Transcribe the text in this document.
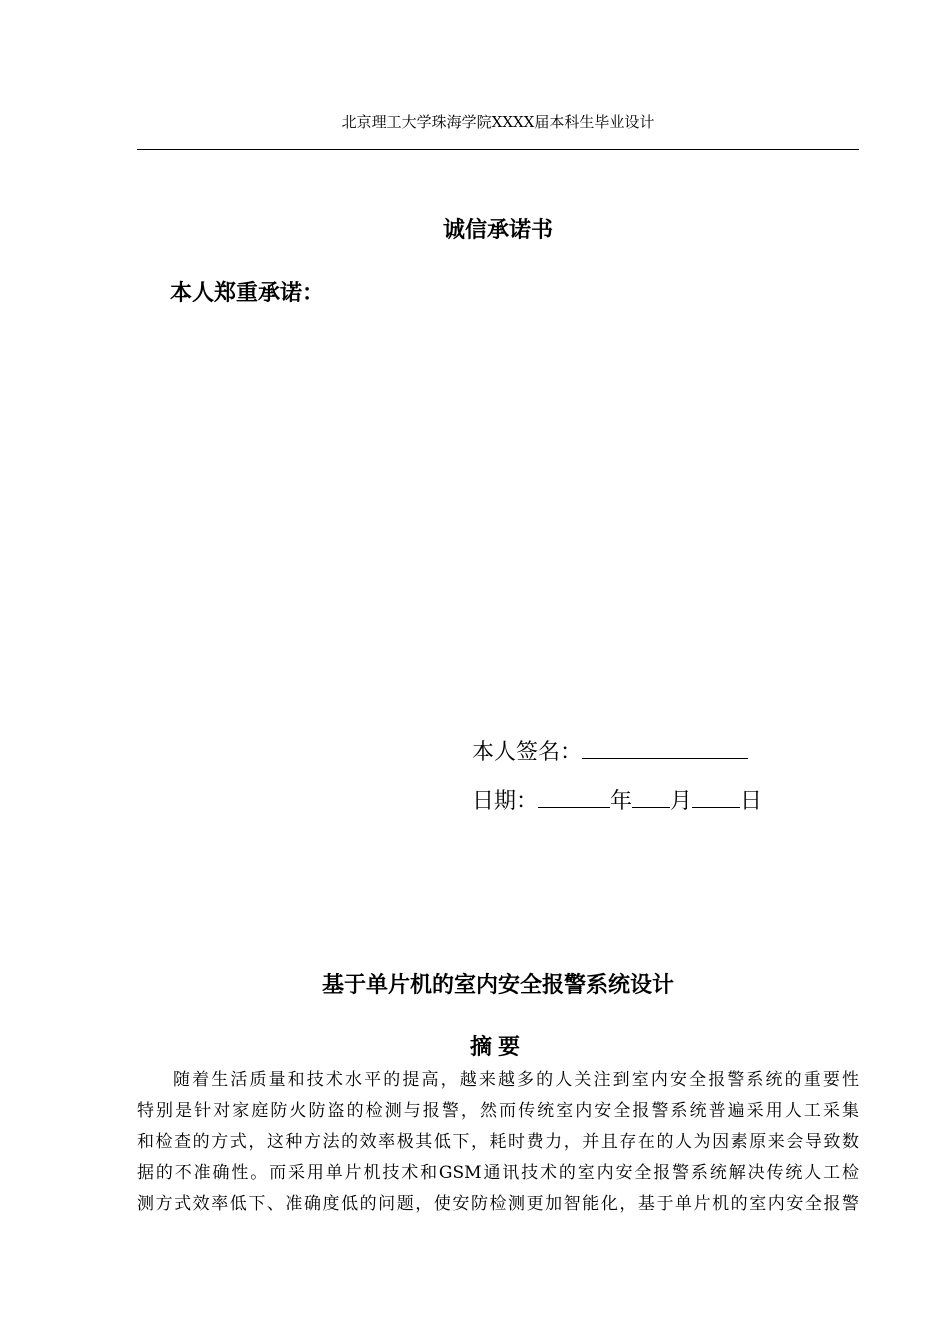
北京理工大学珠海学院XXXX届本科生毕业设计
诚信承诺书
本人郑重承诺：
本人签名：
日期：	年 月 日
基于单片机的室内安全报警系统设计
摘要
随着生活质量和技术水平的提高，越来越多的人关注到室内安全报警系统的重要性
特别是针对家庭防火防盗的检测与报警，然而传统室内安全报警系统普遍采用人工采集
和检查的方式，这种方法的效率极其低下，耗时费力，并且存在的人为因素原来会导致数
据的不准确性。而采用单片机技术和GSM通讯技术的室内安全报警系统解决传统人工检
测方式效率低下、准确度低的问题，使安防检测更加智能化，基于单片机的室内安全报警
